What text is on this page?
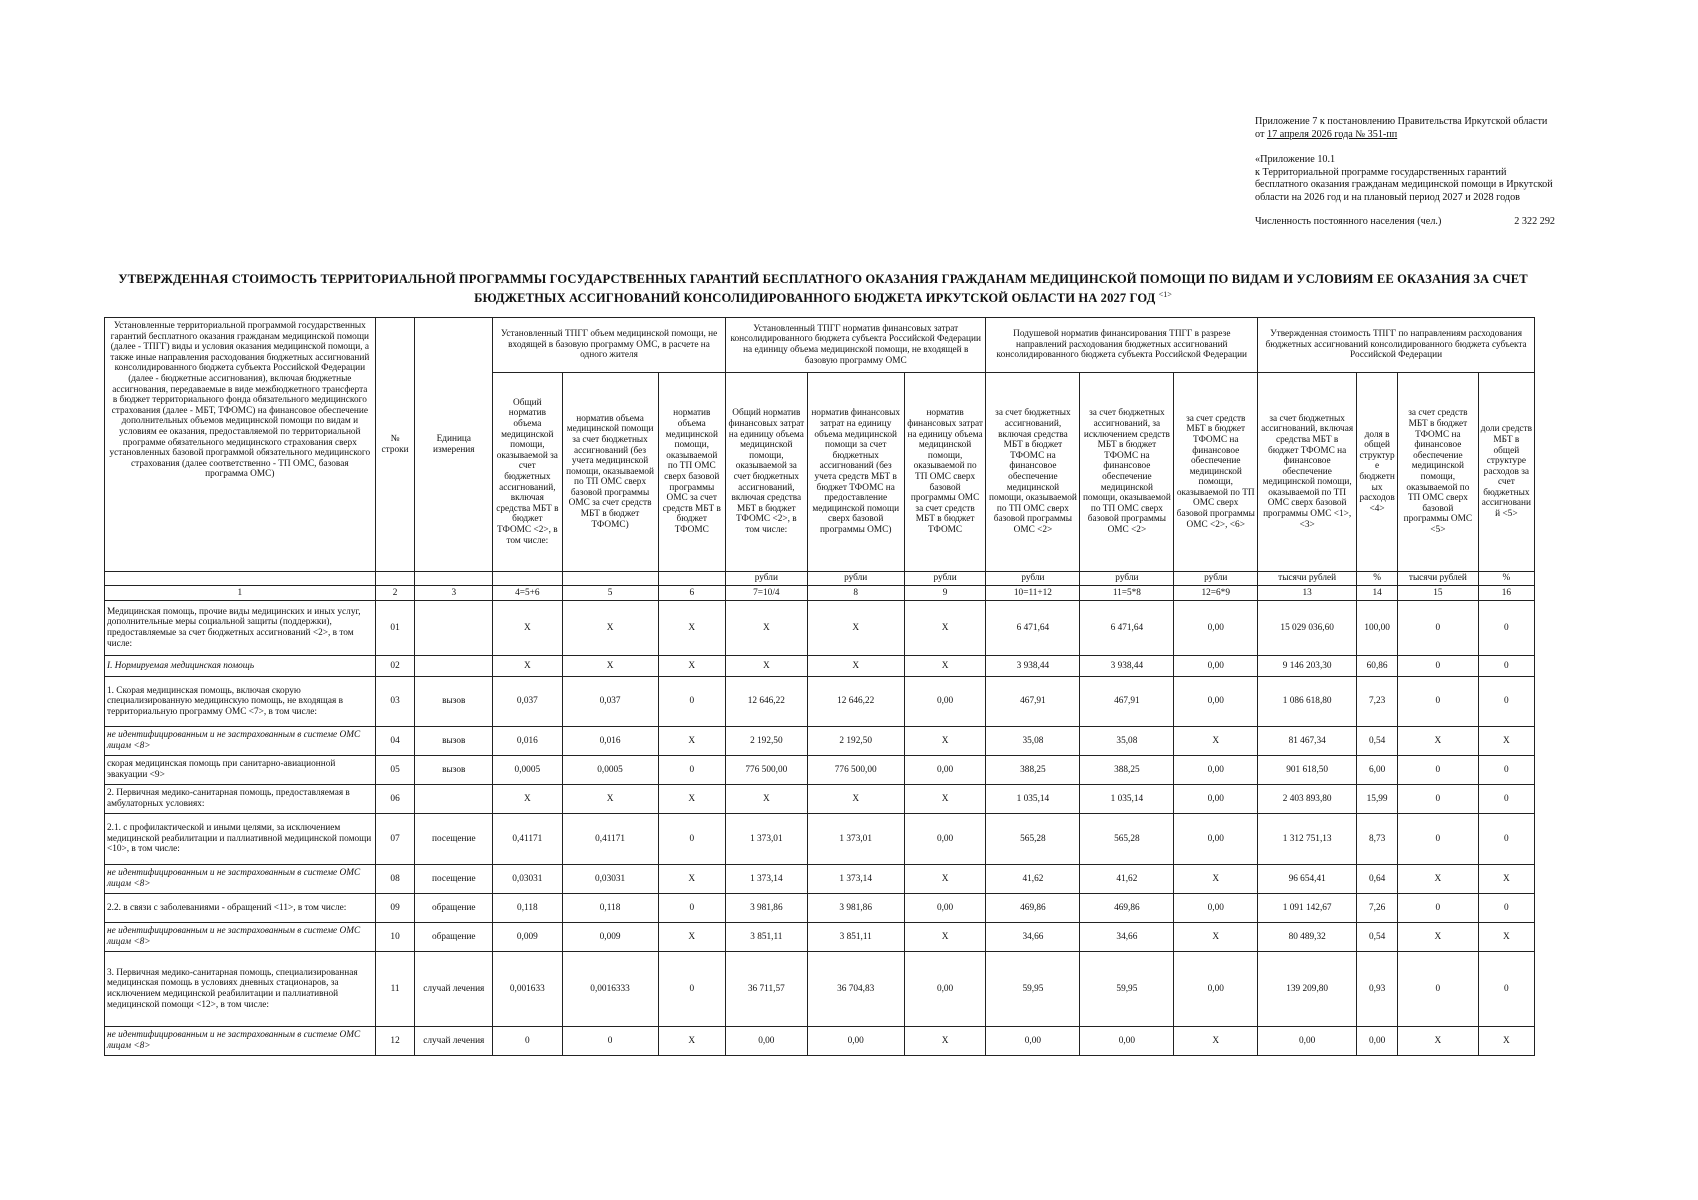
Приложение 7 к постановлению Правительства Иркутской области

от 17 апреля 2026 года № 351-пп

«Приложение 10.1

к Территориальной программе государственных гарантий бесплатного оказания гражданам медицинской помощи в Иркутской области на 2026 год и на плановый период 2027 и 2028 годов

Численность постоянного населения (чел.)	2 322 292
УТВЕРЖДЕННАЯ СТОИМОСТЬ ТЕРРИТОРИАЛЬНОЙ ПРОГРАММЫ ГОСУДАРСТВЕННЫХ ГАРАНТИЙ БЕСПЛАТНОГО ОКАЗАНИЯ ГРАЖДАНАМ МЕДИЦИНСКОЙ ПОМОЩИ ПО ВИДАМ И УСЛОВИЯМ ЕЕ ОКАЗАНИЯ ЗА СЧЕТ БЮДЖЕТНЫХ АССИГНОВАНИЙ КОНСОЛИДИРОВАННОГО БЮДЖЕТА ИРКУТСКОЙ ОБЛАСТИ НА 2027 ГОД $^{<1>}$
Установленные территориальной программой государственных гарантий бесплатного оказания гражданам медицинской помощи (далее - ТПГГ) виды и условия оказания медицинской помощи, а также иные направления расходования бюджетных ассигнований консолидированного бюджета субъекта Российской Федерации (далее - бюджетные ассигнования), включая бюджетные ассигнования, передаваемые в виде межбюджетного трансферта в бюджет территориального фонда обязательного медицинского страхования (далее - МБТ, ТФОМС) на финансовое обеспечение дополнительных объемов медицинской помощи по видам и условиям ее оказания, предоставляемой по территориальной программе обязательного медицинского страхования сверх установленных базовой программой обязательного медицинского страхования (далее соответственно - ТП ОМС, базовая программа ОМС)	№ строки	Единица измерения	Установленный ТПГГ объем медицинской помощи, не входящей в базовую программу ОМС, в расчете на одного жителя			Установленный ТПГГ норматив финансовых затрат консолидированного бюджета субъекта Российской Федерации на единицу объема медицинской помощи, не входящей в базовую программу ОМС			Подушевой норматив финансирования ТПГГ в разрезе направлений расходования бюджетных ассигнований консолидированного бюджета субъекта Российской Федерации			Утвержденная стоимость ТПГГ по направлениям расходования бюджетных ассигнований консолидированного бюджета субъекта Российской Федерации			
			Общий норматив объема медицинской помощи, оказываемой за счет бюджетных ассигнований, включая средства МБТ в бюджет ТФОМС <2>, в том числе:	норматив объема медицинской помощи за счет бюджетных ассигнований (без учета медицинской помощи, оказываемой по ТП ОМС сверх базовой программы ОМС за счет средств МБТ в бюджет ТФОМС)	норматив объема медицинской помощи, оказываемой по ТП ОМС сверх базовой программы ОМС за счет средств МБТ в бюджет ТФОМС	Общий норматив финансовых затрат на единицу объема медицинской помощи, оказываемой за счет бюджетных ассигнований, включая средства МБТ в бюджет ТФОМС <2>, в том числе:	норматив финансовых затрат на единицу объема медицинской помощи за счет бюджетных ассигнований (без учета средств МБТ в бюджет ТФОМС на предоставление медицинской помощи сверх базовой программы ОМС)	норматив финансовых затрат на единицу объема медицинской помощи, оказываемой по ТП ОМС сверх базовой программы ОМС за счет средств МБТ в бюджет ТФОМС	за счет бюджетных ассигнований, включая средства МБТ в бюджет ТФОМС на финансовое обеспечение медицинской помощи, оказываемой по ТП ОМС сверх базовой программы ОМС <2>	за счет бюджетных ассигнований, за исключением средств МБТ в бюджет ТФОМС на финансовое обеспечение медицинской помощи, оказываемой по ТП ОМС сверх базовой программы ОМС <2>	за счет средств МБТ в бюджет ТФОМС на финансовое обеспечение медицинской помощи, оказываемой по ТП ОМС сверх базовой программы ОМС <2>, <6>	за счет бюджетных ассигнований, включая средства МБТ в бюджет ТФОМС на финансовое обеспечение медицинской помощи, оказываемой по ТП ОМС сверх базовой программы ОМС <1>, <3>	доля в общей структуре бюджетных расходов <4>	за счет средств МБТ в бюджет ТФОМС на финансовое обеспечение медицинской помощи, оказываемой по ТП ОМС сверх базовой программы ОМС <5>	доли средств МБТ в общей структуре расходов за счет бюджетных ассигнований <5>
						рубли	рубли	рубли	рубли	рубли	рубли	тысячи рублей	%	тысячи рублей	%
1	2	3	4=5+6	5	6	7=10/4	8	9	10=11+12	11=5*8	12=6*9	13	14	15	16
Медицинская помощь, прочие виды медицинских и иных услуг, дополнительные меры социальной защиты (поддержки), предоставляемые за счет бюджетных ассигнований <2>, в том числе:	01		X	X	X	X	X	X	6 471,64	6 471,64	0,00	15 029 036,60	100,00	0	0
I. Нормируемая медицинская помощь	02		X	X	X	X	X	X	3 938,44	3 938,44	0,00	9 146 203,30	60,86	0	0
1. Скорая медицинская помощь, включая скорую специализированную медицинскую помощь, не входящая в территориальную программу ОМС <7>, в том числе:	03	вызов	0,037	0,037	0	12 646,22	12 646,22	0,00	467,91	467,91	0,00	1 086 618,80	7,23	0	0
не идентифицированным и не застрахованным в системе ОМС лицам <8>	04	вызов	0,016	0,016	X	2 192,50	2 192,50	X	35,08	35,08	X	81 467,34	0,54	X	X
скорая медицинская помощь при санитарно-авиационной эвакуации <9>	05	вызов	0,0005	0,0005	0	776 500,00	776 500,00	0,00	388,25	388,25	0,00	901 618,50	6,00	0	0
2. Первичная медико-санитарная помощь, предоставляемая в амбулаторных условиях:	06		X	X	X	X	X	X	1 035,14	1 035,14	0,00	2 403 893,80	15,99	0	0
2.1. с профилактической и иными целями, за исключением медицинской реабилитации и паллиативной медицинской помощи <10>, в том числе:	07	посещение	0,41171	0,41171	0	1 373,01	1 373,01	0,00	565,28	565,28	0,00	1 312 751,13	8,73	0	0
не идентифицированным и не застрахованным в системе ОМС лицам <8>	08	посещение	0,03031	0,03031	X	1 373,14	1 373,14	X	41,62	41,62	X	96 654,41	0,64	X	X
2.2. в связи с заболеваниями - обращений <11>, в том числе:	09	обращение	0,118	0,118	0	3 981,86	3 981,86	0,00	469,86	469,86	0,00	1 091 142,67	7,26	0	0
не идентифицированным и не застрахованным в системе ОМС лицам <8>	10	обращение	0,009	0,009	X	3 851,11	3 851,11	X	34,66	34,66	X	80 489,32	0,54	X	X
3. Первичная медико-санитарная помощь, специализированная медицинская помощь в условиях дневных стационаров, за исключением медицинской реабилитации и паллиативной медицинской помощи <12>, в том числе:	11	случай лечения	0,001633	0,0016333	0	36 711,57	36 704,83	0,00	59,95	59,95	0,00	139 209,80	0,93	0	0
не идентифицированным и не застрахованным в системе ОМС лицам <8>	12	случай лечения	0	0	X	0,00	0,00	X	0,00	0,00	X	0,00	0,00	X	X
